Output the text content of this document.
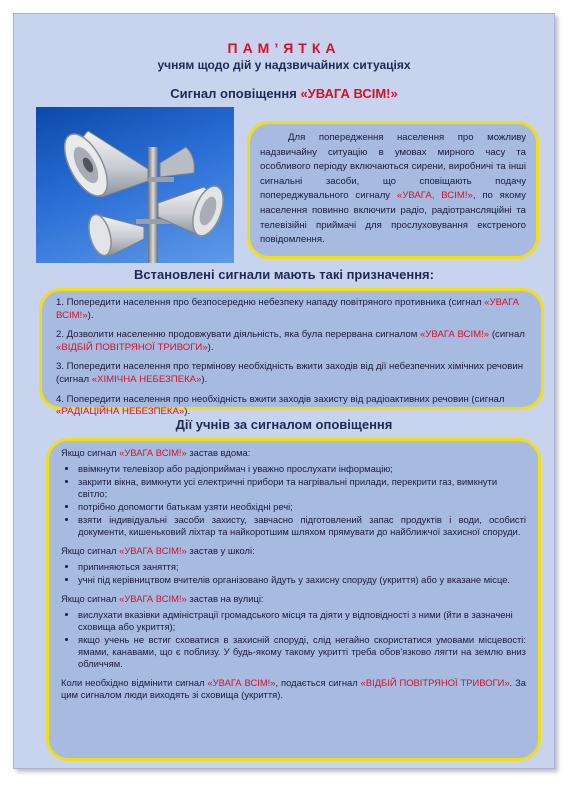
ПАМ’ЯТКА
учням щодо дій у надзвичайних ситуаціях
Сигнал оповіщення «УВАГА ВСІМ!»
Для попередження населення про можливу надзвичайну ситуацію в умовах мирного часу та особливого періоду включаються сирени, виробничі та інші сигнальні засоби, що сповіщають подачу попереджувального сигналу «УВАГА, ВСІМ!», по якому населення повинно включити радіо, радіотрансляційні та телевізійні приймачі для прослуховування екстреного повідомлення.
Встановлені сигнали мають такі призначення:

1. Попередити населення про безпосередню небезпеку нападу повітряного противника (сигнал «УВАГА ВСІМ!»).

2. Дозволити населенню продовжувати діяльність, яка була перервана сигналом «УВАГА ВСІМ!» (сигнал «ВІДБІЙ ПОВІТРЯНОЇ ТРИВОГИ»).

3. Попередити населення про термінову необхідність вжити заходів від дії небезпечних хімічних речовин (сигнал «ХІМІЧНА НЕБЕЗПЕКА»).

4. Попередити населення про необхідність вжити заходів захисту від радіоактивних речовин (сигнал «РАДІАЦІЙНА НЕБЕЗПЕКА»).

Дії учнів за сигналом оповіщення

Якщо сигнал «УВАГА ВСІМ!» застав вдома:

• ввімкнути телевізор або радіоприймач і уважно прослухати інформацію;
• закрити вікна, вимкнути усі електричні прибори та нагрівальні прилади, перекрити газ, вимкнути світло;
• потрібно допомогти батькам узяти необхідні речі;
• взяти індивідуальні засоби захисту, завчасно підготовлений запас продуктів і води, особисті документи, кишеньковий ліхтар та найкоротшим шляхом прямувати до найближчої захисної споруди.

Якщо сигнал «УВАГА ВСІМ!» застав у школі:

• припиняються заняття;
• учні під керівництвом вчителів організовано йдуть у захисну споруду (укриття) або у вказане місце.

Якщо сигнал «УВАГА ВСІМ!» застав на вулиці:

• вислухати вказівки адміністрації громадського місця та діяти у відповідності з ними (йти в зазначені сховища або укриття);
• якщо учень не встиг сховатися в захисній споруді, слід негайно скористатися умовами місцевості: ямами, канавами, що є поблизу. У будь-якому такому укритті треба обов'язково лягти на землю вниз обличчям.

Коли необхідно відмінити сигнал «УВАГА ВСІМ!», подається сигнал «ВІДБІЙ ПОВІТРЯНОЇ ТРИВОГИ». За цим сигналом люди виходять зі сховища (укриття).
